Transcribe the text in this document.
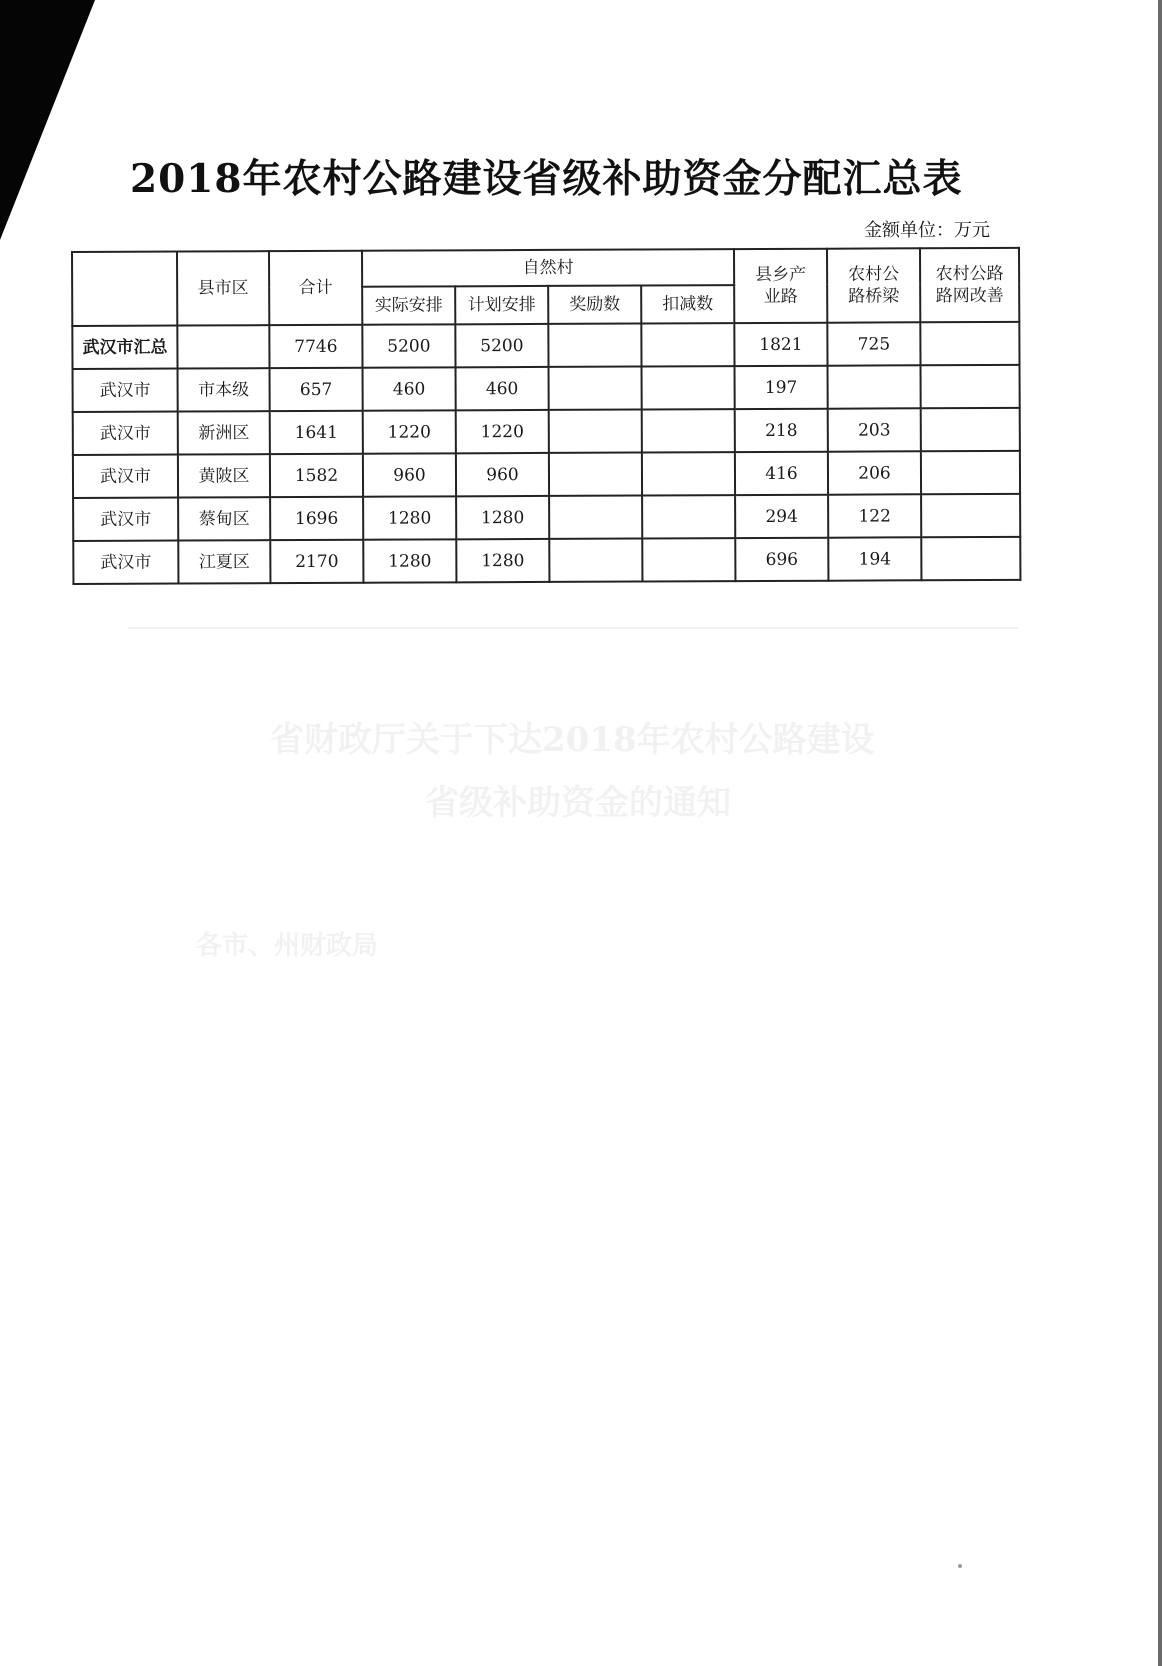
省财政厅关于下达2018年农村公路建设
省级补助资金的通知
各市、州财政局
2018年农村公路建设省级补助资金分配汇总表
金额单位：万元
	县市区	合计	自然村				县乡产业路	农村公路桥梁	农村公路路网改善
			实际安排	计划安排	奖励数	扣减数			
武汉市汇总		7746	5200	5200			1821	725	
武汉市	市本级	657	460	460			197		
武汉市	新洲区	1641	1220	1220			218	203	
武汉市	黄陂区	1582	960	960			416	206	
武汉市	蔡甸区	1696	1280	1280			294	122	
武汉市	江夏区	2170	1280	1280			696	194	
